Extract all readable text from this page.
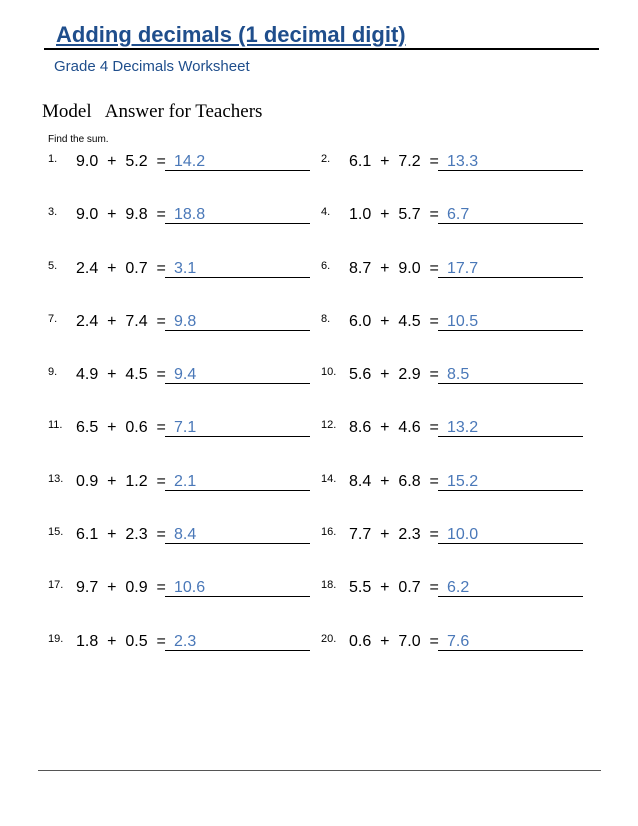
Adding decimals (1 decimal digit)
Grade 4 Decimals Worksheet
Model   Answer for Teachers
Find the sum.
1. 9.0  +  5.2  = 14.2	2. 6.1  +  7.2  = 13.3
3. 9.0  +  9.8  = 18.8	4. 1.0  +  5.7  = 6.7
5. 2.4  +  0.7  = 3.1	6. 8.7  +  9.0  = 17.7
7. 2.4  +  7.4  = 9.8	8. 6.0  +  4.5  = 10.5
9. 4.9  +  4.5  = 9.4	10. 5.6  +  2.9  = 8.5
11. 6.5  +  0.6  = 7.1	12. 8.6  +  4.6  = 13.2
13. 0.9  +  1.2  = 2.1	14. 8.4  +  6.8  = 15.2
15. 6.1  +  2.3  = 8.4	16. 7.7  +  2.3  = 10.0
17. 9.7  +  0.9  = 10.6	18. 5.5  +  0.7  = 6.2
19. 1.8  +  0.5  = 2.3	20. 0.6  +  7.0  = 7.6
